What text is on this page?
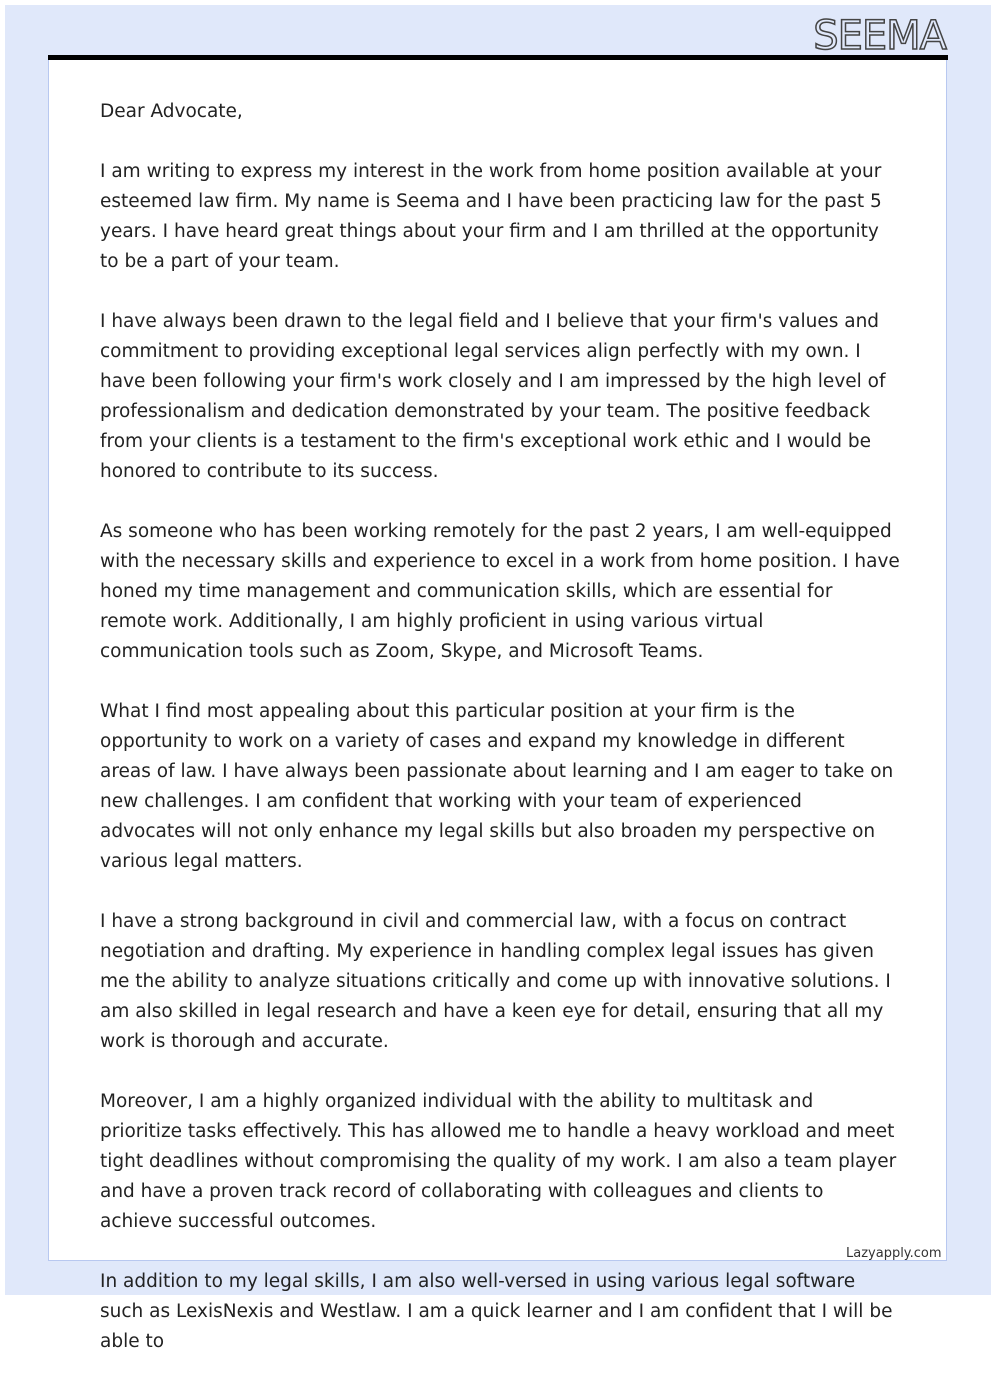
SEEMA

Dear Advocate,

I am writing to express my interest in the work from home position available at your esteemed law firm. My name is Seema and I have been practicing law for the past 5 years. I have heard great things about your firm and I am thrilled at the opportunity to be a part of your team.

I have always been drawn to the legal field and I believe that your firm's values and commitment to providing exceptional legal services align perfectly with my own. I have been following your firm's work closely and I am impressed by the high level of professionalism and dedication demonstrated by your team. The positive feedback from your clients is a testament to the firm's exceptional work ethic and I would be honored to contribute to its success.

As someone who has been working remotely for the past 2 years, I am well-equipped with the necessary skills and experience to excel in a work from home position. I have honed my time management and communication skills, which are essential for remote work. Additionally, I am highly proficient in using various virtual communication tools such as Zoom, Skype, and Microsoft Teams.

What I find most appealing about this particular position at your firm is the opportunity to work on a variety of cases and expand my knowledge in different areas of law. I have always been passionate about learning and I am eager to take on new challenges. I am confident that working with your team of experienced advocates will not only enhance my legal skills but also broaden my perspective on various legal matters.

I have a strong background in civil and commercial law, with a focus on contract negotiation and drafting. My experience in handling complex legal issues has given me the ability to analyze situations critically and come up with innovative solutions. I am also skilled in legal research and have a keen eye for detail, ensuring that all my work is thorough and accurate.

Moreover, I am a highly organized individual with the ability to multitask and prioritize tasks effectively. This has allowed me to handle a heavy workload and meet tight deadlines without compromising the quality of my work. I am also a team player and have a proven track record of collaborating with colleagues and clients to achieve successful outcomes.

In addition to my legal skills, I am also well-versed in using various legal software such as LexisNexis and Westlaw. I am a quick learner and I am confident that I will be able to

Lazyapply.com
